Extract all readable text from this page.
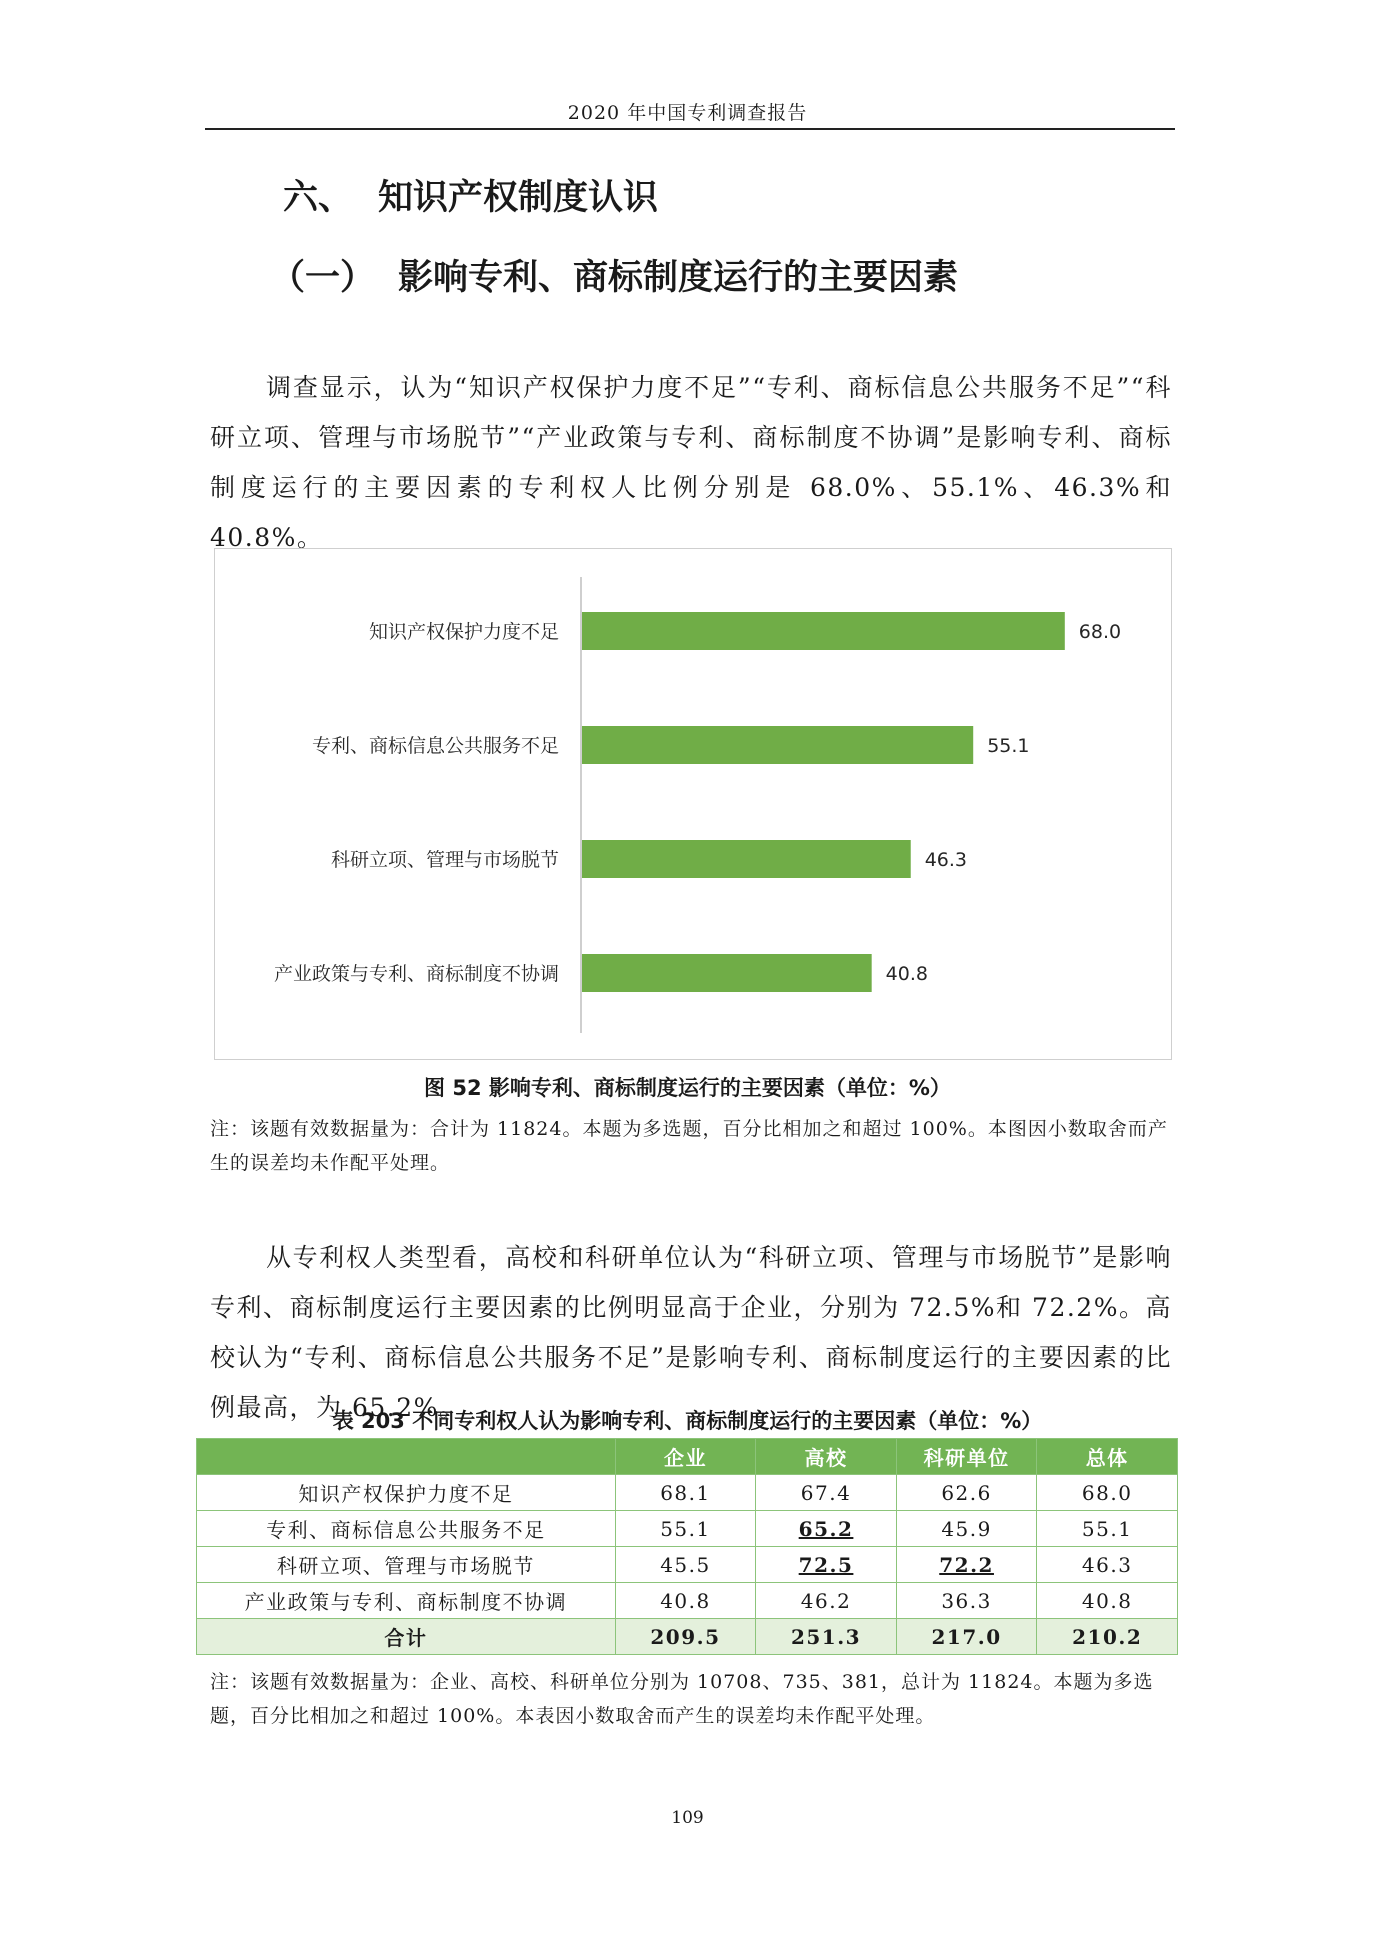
2020 年中国专利调查报告
六、 知识产权制度认识
（一） 影响专利、商标制度运行的主要因素

调查显示，认为“知识产权保护力度不足”“专利、商标信息公共服务不足”“科研立项、管理与市场脱节”“产业政策与专利、商标制度不协调”是影响专利、商标制度运行的主要因素的专利权人比例分别是 68.0%、55.1%、46.3%和 40.8%。

知识产权保护力度不足	68.0
专利、商标信息公共服务不足	55.1
科研立项、管理与市场脱节	46.3
产业政策与专利、商标制度不协调	40.8
图 52 影响专利、商标制度运行的主要因素（单位：%）
注：该题有效数据量为：合计为 11824。本题为多选题，百分比相加之和超过 100%。本图因小数取舍而产生的误差均未作配平处理。

从专利权人类型看，高校和科研单位认为“科研立项、管理与市场脱节”是影响专利、商标制度运行主要因素的比例明显高于企业，分别为 72.5%和 72.2%。高校认为“专利、商标信息公共服务不足”是影响专利、商标制度运行的主要因素的比例最高，为 65.2%。

表 203 不同专利权人认为影响专利、商标制度运行的主要因素（单位：%）
	企业	高校	科研单位	总体
知识产权保护力度不足	68.1	67.4	62.6	68.0
专利、商标信息公共服务不足	55.1	65.2	45.9	55.1
科研立项、管理与市场脱节	45.5	72.5	72.2	46.3
产业政策与专利、商标制度不协调	40.8	46.2	36.3	40.8
合计	209.5	251.3	217.0	210.2
注：该题有效数据量为：企业、高校、科研单位分别为 10708、735、381，总计为 11824。本题为多选题，百分比相加之和超过 100%。本表因小数取舍而产生的误差均未作配平处理。
109
